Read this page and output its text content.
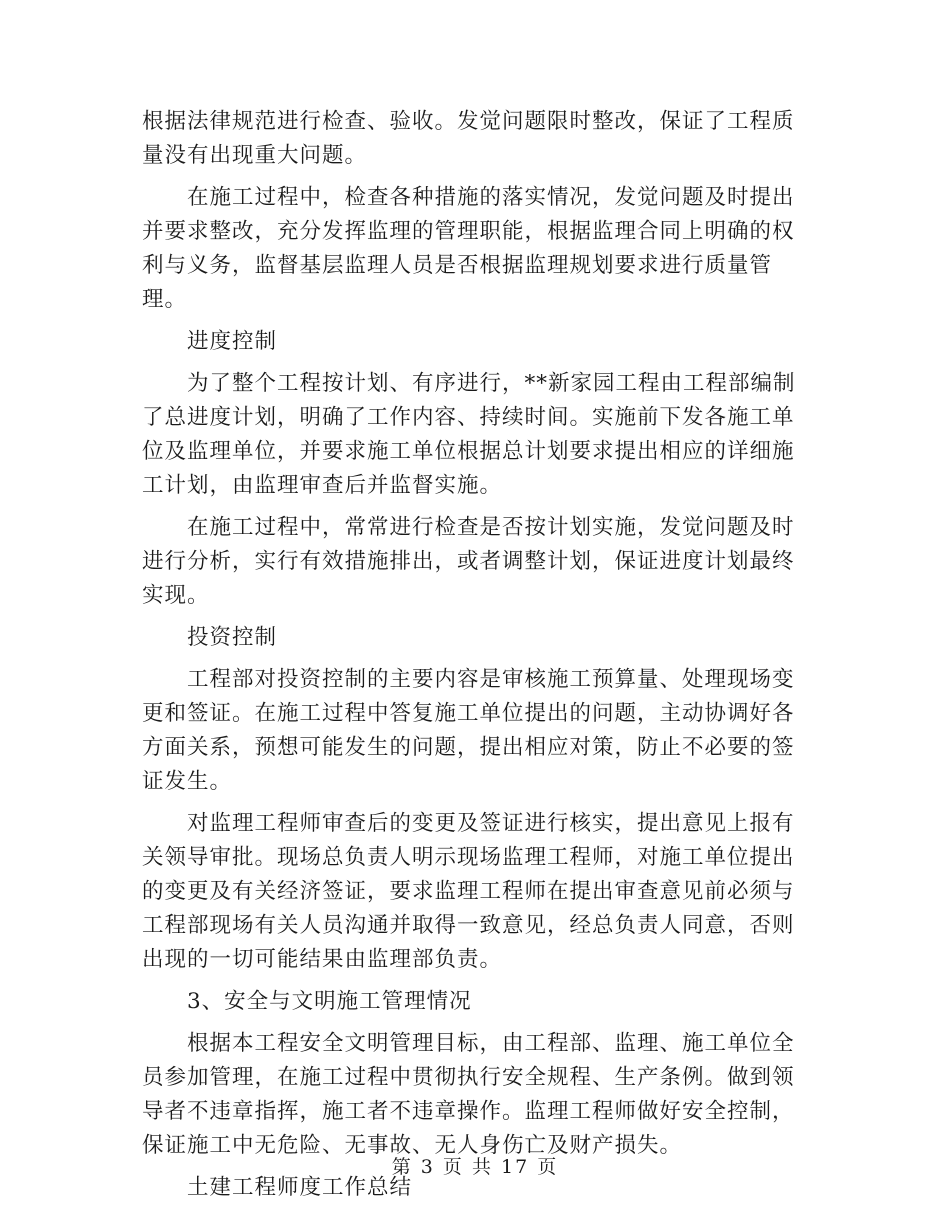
根据法律规范进行检查、验收。发觉问题限时整改，保证了工程质量没有出现重大问题。

在施工过程中，检查各种措施的落实情况，发觉问题及时提出并要求整改，充分发挥监理的管理职能，根据监理合同上明确的权利与义务，监督基层监理人员是否根据监理规划要求进行质量管理。

进度控制

为了整个工程按计划、有序进行，**新家园工程由工程部编制了总进度计划，明确了工作内容、持续时间。实施前下发各施工单位及监理单位，并要求施工单位根据总计划要求提出相应的详细施工计划，由监理审查后并监督实施。

在施工过程中，常常进行检查是否按计划实施，发觉问题及时进行分析，实行有效措施排出，或者调整计划，保证进度计划最终实现。

投资控制

工程部对投资控制的主要内容是审核施工预算量、处理现场变更和签证。在施工过程中答复施工单位提出的问题，主动协调好各方面关系，预想可能发生的问题，提出相应对策，防止不必要的签证发生。

对监理工程师审查后的变更及签证进行核实，提出意见上报有关领导审批。现场总负责人明示现场监理工程师，对施工单位提出的变更及有关经济签证，要求监理工程师在提出审查意见前必须与工程部现场有关人员沟通并取得一致意见，经总负责人同意，否则出现的一切可能结果由监理部负责。

3、安全与文明施工管理情况

根据本工程安全文明管理目标，由工程部、监理、施工单位全员参加管理，在施工过程中贯彻执行安全规程、生产条例。做到领导者不违章指挥，施工者不违章操作。监理工程师做好安全控制，保证施工中无危险、无事故、无人身伤亡及财产损失。

土建工程师度工作总结

第 3 页 共 17 页
